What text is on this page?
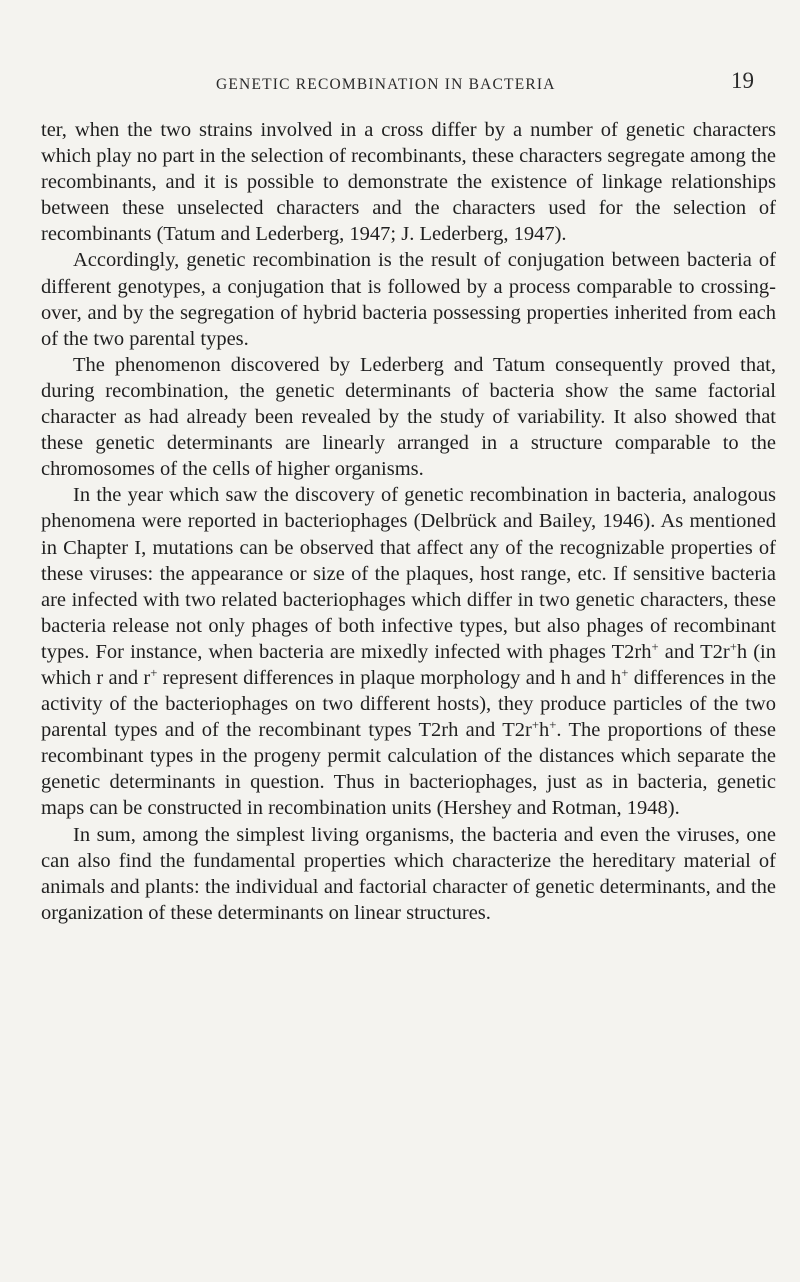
GENETIC RECOMBINATION IN BACTERIA	19

ter, when the two strains involved in a cross differ by a number of genetic characters which play no part in the selection of recombinants, these characters segregate among the recombinants, and it is possible to demonstrate the existence of linkage relationships between these unselected characters and the characters used for the selection of recombinants (Tatum and Lederberg, 1947; J. Lederberg, 1947).

Accordingly, genetic recombination is the result of conjugation between bacteria of different genotypes, a conjugation that is followed by a process comparable to crossing-over, and by the segregation of hybrid bacteria possessing properties inherited from each of the two parental types.

The phenomenon discovered by Lederberg and Tatum consequently proved that, during recombination, the genetic determinants of bacteria show the same factorial character as had already been revealed by the study of variability. It also showed that these genetic determinants are linearly arranged in a structure comparable to the chromosomes of the cells of higher organisms.

In the year which saw the discovery of genetic recombination in bacteria, analogous phenomena were reported in bacteriophages (Delbrück and Bailey, 1946). As mentioned in Chapter I, mutations can be observed that affect any of the recognizable properties of these viruses: the appearance or size of the plaques, host range, etc. If sensitive bacteria are infected with two related bacteriophages which differ in two genetic characters, these bacteria release not only phages of both infective types, but also phages of recombinant types. For instance, when bacteria are mixedly infected with phages T2rh+ and T2r+h (in which r and r+ represent differences in plaque morphology and h and h+ differences in the activity of the bacteriophages on two different hosts), they produce particles of the two parental types and of the recombinant types T2rh and T2r+h+. The proportions of these recombinant types in the progeny permit calculation of the distances which separate the genetic determinants in question. Thus in bacteriophages, just as in bacteria, genetic maps can be constructed in recombination units (Hershey and Rotman, 1948).

In sum, among the simplest living organisms, the bacteria and even the viruses, one can also find the fundamental properties which characterize the hereditary material of animals and plants: the individual and factorial character of genetic determinants, and the organization of these determinants on linear structures.
